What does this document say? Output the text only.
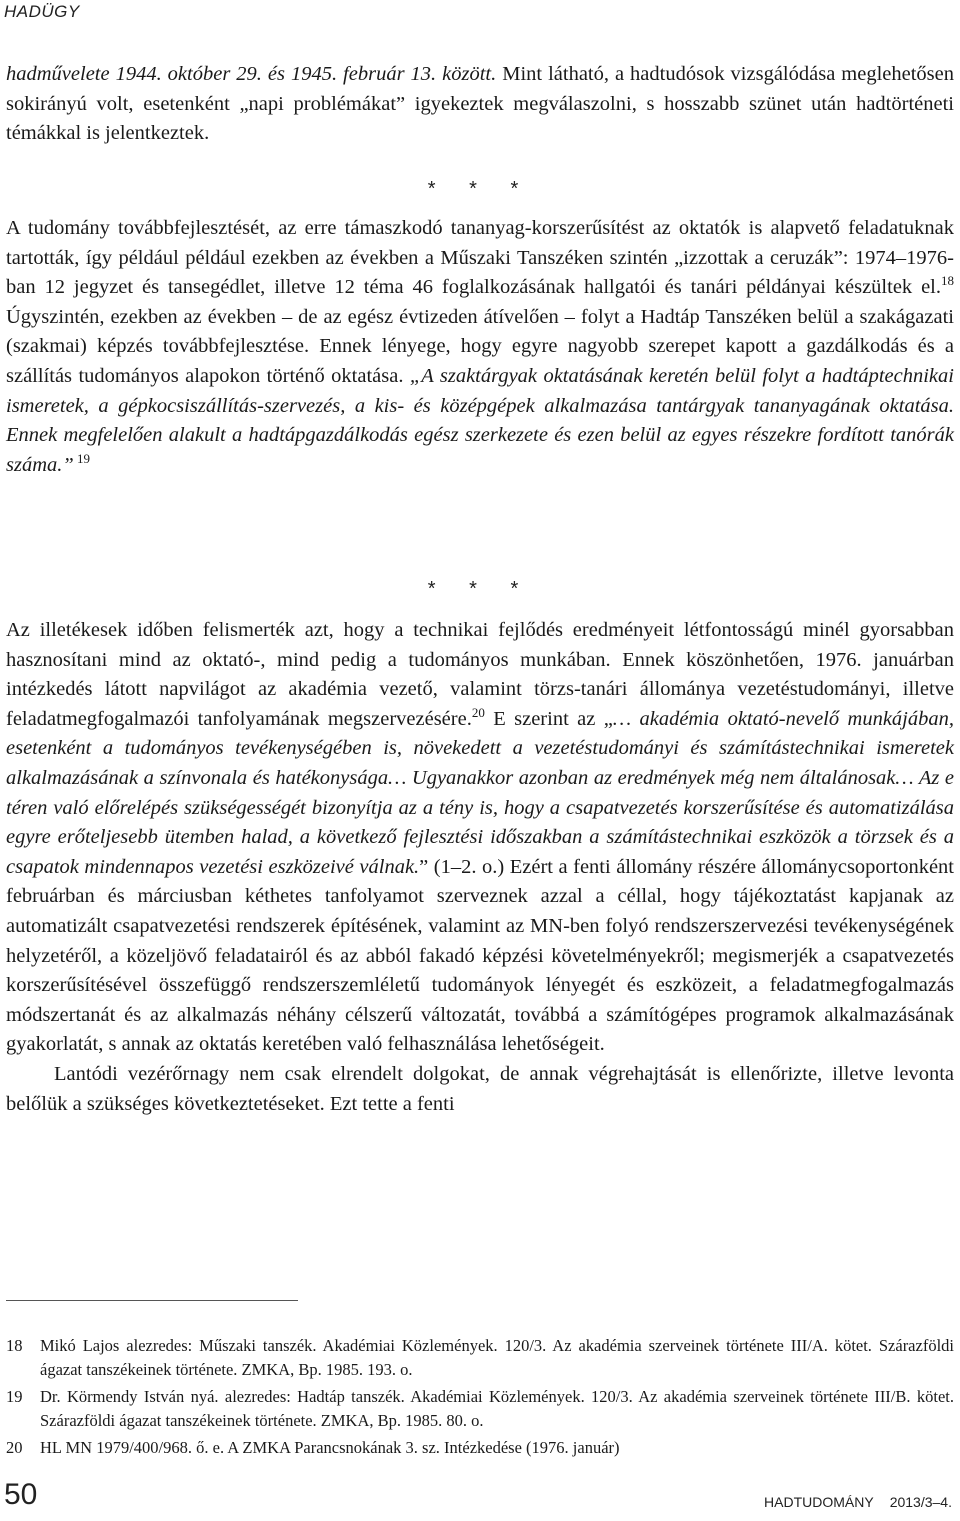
HADÜGY

hadművelete 1944. október 29. és 1945. február 13. között. Mint látható, a hadtudósok vizsgálódása meglehetősen sokirányú volt, esetenként „napi problémákat” igyekeztek megválaszolni, s hosszabb szünet után hadtörténeti témákkal is jelentkeztek.

* * *

A tudomány továbbfejlesztését, az erre támaszkodó tananyag-korszerűsítést az oktatók is alapvető feladatuknak tartották, így például például ezekben az években a Műszaki Tanszéken szintén „izzottak a ceruzák”: 1974–1976-ban 12 jegyzet és tansegédlet, illetve 12 téma 46 foglalkozásának hallgatói és tanári példányai készültek el.$^{18}$ Úgyszintén, ezekben az években – de az egész évtizeden átívelően – folyt a Hadtáp Tanszéken belül a szakágazati (szakmai) képzés továbbfejlesztése. Ennek lényege, hogy egyre nagyobb szerepet kapott a gazdálkodás és a szállítás tudományos alapokon történő oktatása. „A szaktárgyak oktatásának keretén belül folyt a hadtáptechnikai ismeretek, a gépkocsiszállítás-szervezés, a kis- és középgépek alkalmazása tantárgyak tananyagának oktatása. Ennek megfelelően alakult a hadtápgazdálkodás egész szerkezete és ezen belül az egyes részekre fordított tanórák száma.” $^{19}$

* * *

Az illetékesek időben felismerték azt, hogy a technikai fejlődés eredményeit létfontosságú minél gyorsabban hasznosítani mind az oktató-, mind pedig a tudományos munkában. Ennek köszönhetően, 1976. januárban intézkedés látott napvilágot az akadémia vezető, valamint törzs-tanári állománya vezetéstudományi, illetve feladatmegfogalmazói tanfolyamának megszervezésére.$^{20}$ E szerint az „… akadémia oktató-nevelő munkájában, esetenként a tudományos tevékenységében is, növekedett a vezetéstudományi és számítástechnikai ismeretek alkalmazásának a színvonala és hatékonysága… Ugyanakkor azonban az eredmények még nem általánosak… Az e téren való előrelépés szükségességét bizonyítja az a tény is, hogy a csapatvezetés korszerűsítése és automatizálása egyre erőteljesebb ütemben halad, a következő fejlesztési időszakban a számítástechnikai eszközök a törzsek és a csapatok mindennapos vezetési eszközeivé válnak.” (1–2. o.) Ezért a fenti állomány részére állománycsoportonként februárban és márciusban kéthetes tanfolyamot szerveznek azzal a céllal, hogy tájékoztatást kapjanak az automatizált csapatvezetési rendszerek építésének, valamint az MN-ben folyó rendszerszervezési tevékenységének helyzetéről, a közeljövő feladatairól és az abból fakadó képzési követelményekről; megismerjék a csapatvezetés korszerűsítésével összefüggő rendszerszemléletű tudományok lényegét és eszközeit, a feladatmegfogalmazás módszertanát és az alkalmazás néhány célszerű változatát, továbbá a számítógépes programok alkalmazásának gyakorlatát, s annak az oktatás keretében való felhasználása lehetőségeit.

Lantódi vezérőrnagy nem csak elrendelt dolgokat, de annak végrehajtását is ellenőrizte, illetve levonta belőlük a szükséges következtetéseket. Ezt tette a fenti

18 Mikó Lajos alezredes: Műszaki tanszék. Akadémiai Közlemények. 120/3. Az akadémia szerveinek története III/A. kötet. Szárazföldi ágazat tanszékeinek története. ZMKA, Bp. 1985. 193. o.
19 Dr. Körmendy István nyá. alezredes: Hadtáp tanszék. Akadémiai Közlemények. 120/3. Az akadémia szerveinek története III/B. kötet. Szárazföldi ágazat tanszékeinek története. ZMKA, Bp. 1985. 80. o.
20 HL MN 1979/400/968. ő. e. A ZMKA Parancsnokának 3. sz. Intézkedése (1976. január)
50	HADTUDOMÁNY 2013/3–4.
